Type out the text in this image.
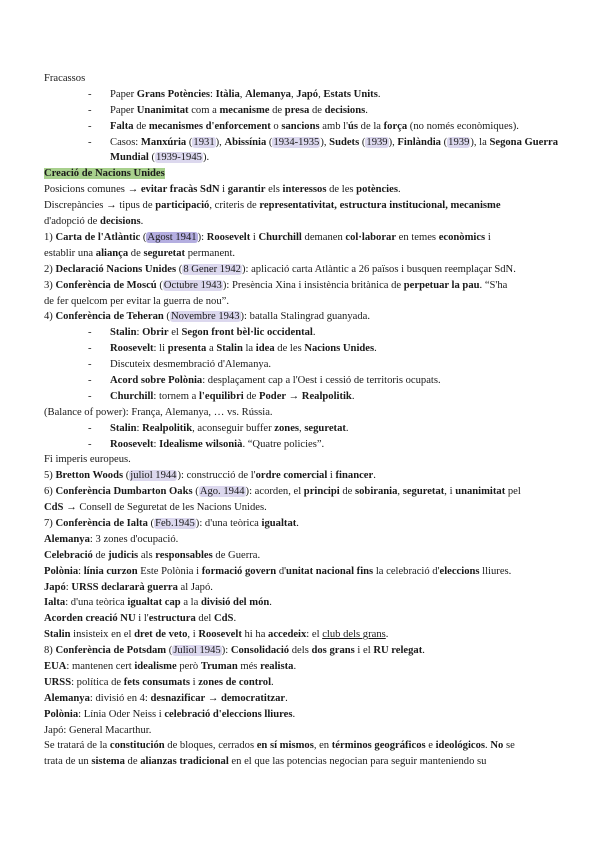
Fracassos
- Paper Grans Potències: Itàlia, Alemanya, Japó, Estats Units.
- Paper Unanimitat com a mecanisme de presa de decisions.
- Falta de mecanismes d'enforcement o sancions amb l'ús de la força (no només econòmiques).
- Casos: Manxúria (1931), Abissínia (1934-1935), Sudets (1939), Finlàndia (1939), la Segona Guerra Mundial (1939-1945).
Creació de Nacions Unides
Posicions comunes → evitar fracàs SdN i garantir els interessos de les potències.
Discrepàncies → tipus de participació, criteris de representativitat, estructura institucional, mecanisme
d'adopció de decisions.
1) Carta de l'Atlàntic (Agost 1941): Roosevelt i Churchill demanen col·laborar en temes econòmics i
establir una aliança de seguretat permanent.
2) Declaració Nacions Unides (8 Gener 1942): aplicació carta Atlàntic a 26 països i busquen reemplaçar SdN.
3) Conferència de Moscú (Octubre 1943): Presència Xina i insistència britànica de perpetuar la pau. “S'ha
de fer quelcom per evitar la guerra de nou”.
4) Conferència de Teheran (Novembre 1943): batalla Stalingrad guanyada.
- Stalin: Obrir el Segon front bèl·lic occidental.
- Roosevelt: li presenta a Stalin la idea de les Nacions Unides.
- Discuteix desmembració d'Alemanya.
- Acord sobre Polònia: desplaçament cap a l'Oest i cessió de territoris ocupats.
- Churchill: tornem a l'equilibri de Poder → Realpolitik.
(Balance of power): França, Alemanya, … vs. Rússia.
- Stalin: Realpolitik, aconseguir buffer zones, seguretat.
- Roosevelt: Idealisme wilsonià. “Quatre policies”.
Fi imperis europeus.
5) Bretton Woods (juliol 1944): construcció de l'ordre comercial i financer.
6) Conferència Dumbarton Oaks (Ago. 1944): acorden, el principi de sobirania, seguretat, i unanimitat pel
CdS → Consell de Seguretat de les Nacions Unides.
7) Conferència de Ialta (Feb.1945): d'una teòrica igualtat.
Alemanya: 3 zones d'ocupació.
Celebració de judicis als responsables de Guerra.
Polònia: línia curzon Este Polònia i formació govern d'unitat nacional fins la celebració d'eleccions lliures.
Japó: URSS declararà guerra al Japó.
Ialta: d'una teòrica igualtat cap a la divisió del món.
Acorden creació NU i l'estructura del CdS.
Stalin insisteix en el dret de veto, i Roosevelt hi ha accedeix: el club dels grans.
8) Conferència de Potsdam (Juliol 1945): Consolidació dels dos grans i el RU relegat.
EUA: mantenen cert idealisme però Truman més realista.
URSS: política de fets consumats i zones de control.
Alemanya: divisió en 4: desnazificar → democratitzar.
Polònia: Línia Oder Neiss i celebració d'eleccions lliures.
Japó: General Macarthur.
Se tratará de la constitución de bloques, cerrados en sí mismos, en términos geográficos e ideológicos. No se
trata de un sistema de alianzas tradicional en el que las potencias negocian para seguir manteniendo su
